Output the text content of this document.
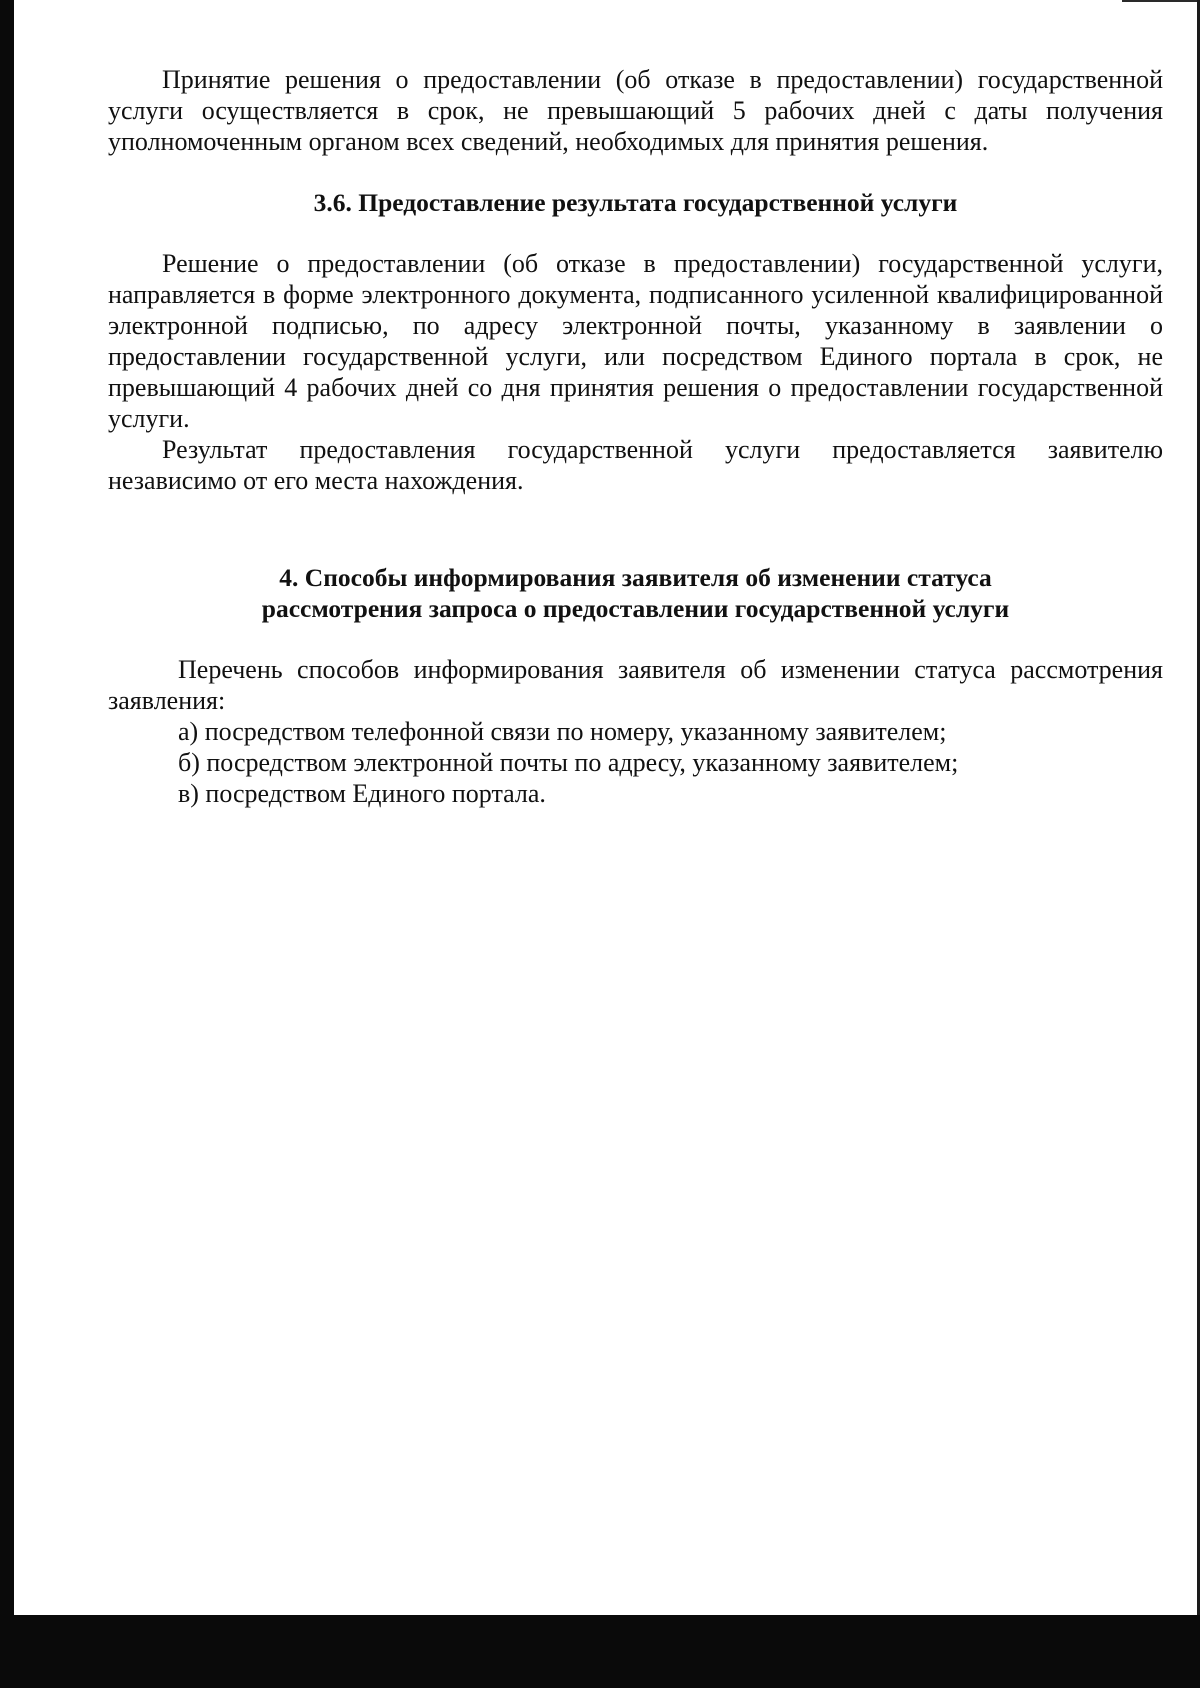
Принятие решения о предоставлении (об отказе в предоставлении) государственной услуги осуществляется в срок, не превышающий 5 рабочих дней с даты получения уполномоченным органом всех сведений, необходимых для принятия решения.

3.6. Предоставление результата государственной услуги

Решение о предоставлении (об отказе в предоставлении) государственной услуги, направляется в форме электронного документа, подписанного усиленной квалифицированной электронной подписью, по адресу электронной почты, указанному в заявлении о предоставлении государственной услуги, или посредством Единого портала в срок, не превышающий 4 рабочих дней со дня принятия решения о предоставлении государственной услуги.

Результат предоставления государственной услуги предоставляется заявителю независимо от его места нахождения.

4. Способы информирования заявителя об изменении статуса
рассмотрения запроса о предоставлении государственной услуги

Перечень способов информирования заявителя об изменении статуса рассмотрения заявления:

а) посредством телефонной связи по номеру, указанному заявителем;
б) посредством электронной почты по адресу, указанному заявителем;
в) посредством Единого портала.
